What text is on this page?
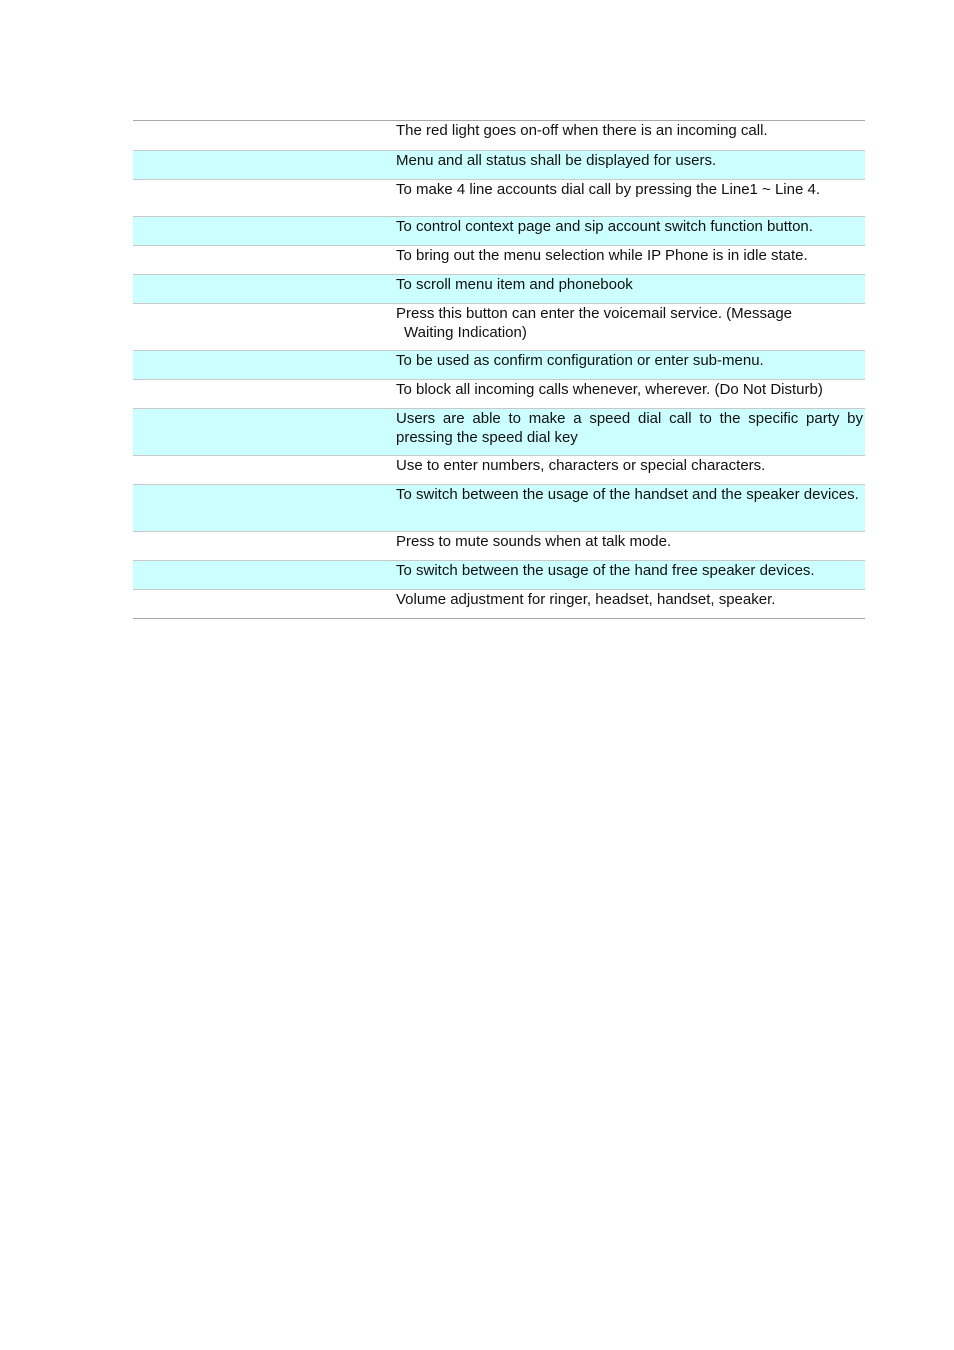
The red light goes on-off when there is an incoming call.
Menu and all status shall be displayed for users.
To make 4 line accounts dial call by pressing the Line1 ~ Line 4.
To control context page and sip account switch function button.
To bring out the menu selection while IP Phone is in idle state.
To scroll menu item and phonebook
Press this button can enter the voicemail service. (Message
Waiting Indication)
To be used as confirm configuration or enter sub-menu.
To block all incoming calls whenever, wherever. (Do Not Disturb)
Users are able to make a speed dial call to the specific party by pressing the speed dial key
Use to enter numbers, characters or special characters.
To switch between the usage of the handset and the speaker devices.
Press to mute sounds when at talk mode.
To switch between the usage of the hand free speaker devices.
Volume adjustment for ringer, headset, handset, speaker.
